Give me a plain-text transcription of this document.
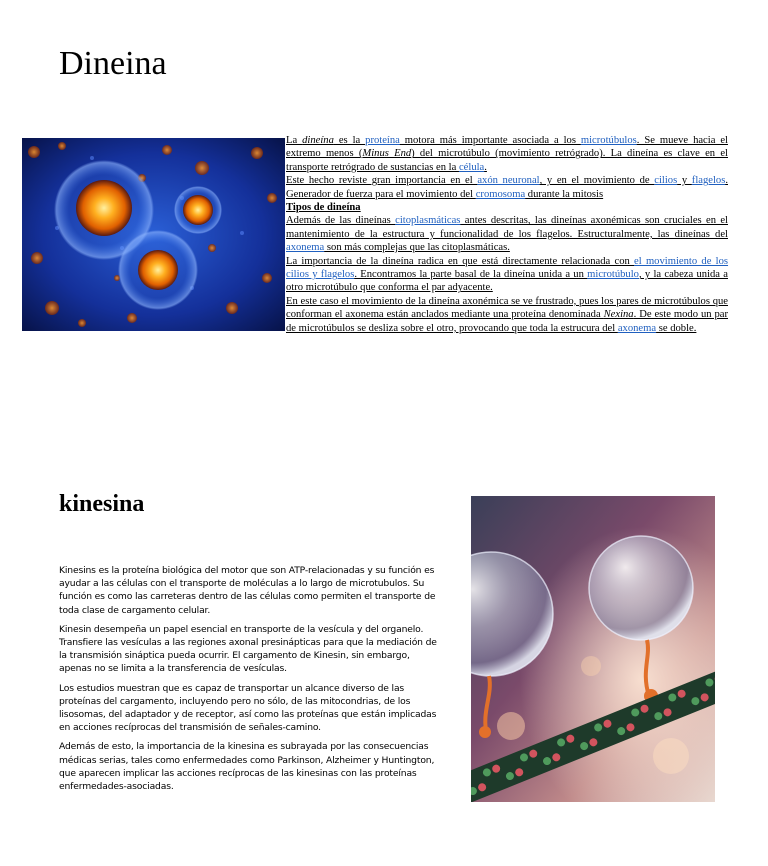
Dineina

La dineína es la proteína motora más importante asociada a los microtúbulos. Se mueve hacia el extremo menos (Minus End) del microtúbulo (movimiento retrógrado). La dineína es clave en el transporte retrógrado de sustancias en la célula.

Este hecho reviste gran importancia en el axón neuronal, y en el movimiento de cilios y flagelos. Generador de fuerza para el movimiento del cromosoma durante la mitosis

Tipos de dineína

Además de las dineínas citoplasmáticas antes descritas, las dineínas axonémicas son cruciales en el mantenimiento de la estructura y funcionalidad de los flagelos. Estructuralmente, las dineínas del axonema son más complejas que las citoplasmáticas.

La importancia de la dineína radica en que está directamente relacionada con el movimiento de los cilios y flagelos. Encontramos la parte basal de la dineína unida a un microtúbulo, y la cabeza unida a otro microtúbulo que conforma el par adyacente.

En este caso el movimiento de la dineína axonémica se ve frustrado, pues los pares de microtúbulos que conforman el axonema están anclados mediante una proteína denominada Nexina. De este modo un par de microtúbulos se desliza sobre el otro, provocando que toda la estrucura del axonema se doble.

kinesina

Kinesins es la proteína biológica del motor que son ATP-relacionadas y su función es ayudar a las células con el transporte de moléculas a lo largo de microtubulos. Su función es como las carreteras dentro de las células como permiten el transporte de toda clase de cargamento celular.

Kinesin desempeña un papel esencial en transporte de la vesícula y del organelo. Transfiere las vesículas a las regiones axonal presinápticas para que la mediación de la transmisión sináptica pueda ocurrir. El cargamento de Kinesin, sin embargo, apenas no se limita a la transferencia de vesículas.

Los estudios muestran que es capaz de transportar un alcance diverso de las proteínas del cargamento, incluyendo pero no sólo, de las mitocondrias, de los lisosomas, del adaptador y de receptor, así como las proteínas que están implicadas en acciones recíprocas del transmisión de señales-camino.

Además de esto, la importancia de la kinesina es subrayada por las consecuencias médicas serias, tales como enfermedades como Parkinson, Alzheimer y Huntington, que aparecen implicar las acciones recíprocas de las kinesinas con las proteínas enfermedades-asociadas.
